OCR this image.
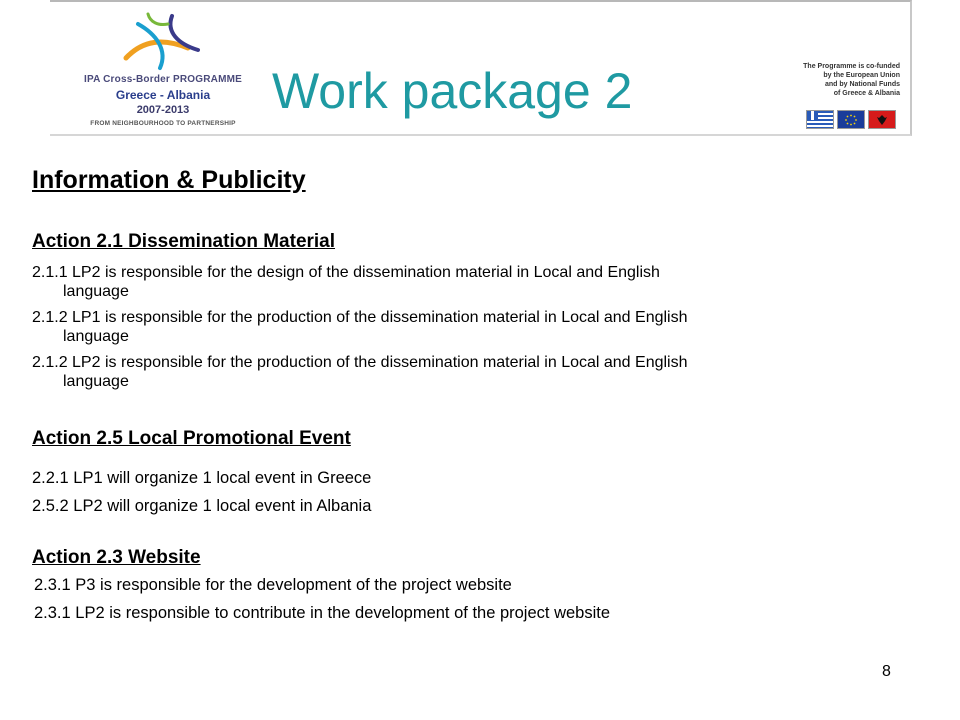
IPA Cross-Border PROGRAMME
Greece - Albania
2007-2013
FROM NEIGHBOURHOOD TO PARTNERSHIP
Work package 2	The Programme is co-funded
by the European Union
and by National Funds
of Greece & Albania
Information & Publicity
Action 2.1 Dissemination Material
2.1.1 LP2 is responsible for the design of the dissemination material in Local and English
language
2.1.2 LP1 is responsible for the production of the dissemination material in Local and English
language
2.1.2 LP2 is responsible for the production of the dissemination material in Local and English
language
Action 2.5 Local Promotional Event
2.2.1 LP1 will organize 1 local event in Greece
2.5.2 LP2 will organize 1 local event in Albania
Action 2.3 Website
2.3.1 P3 is responsible for the development of the project website
2.3.1 LP2 is responsible to contribute in the development of the project website
8
